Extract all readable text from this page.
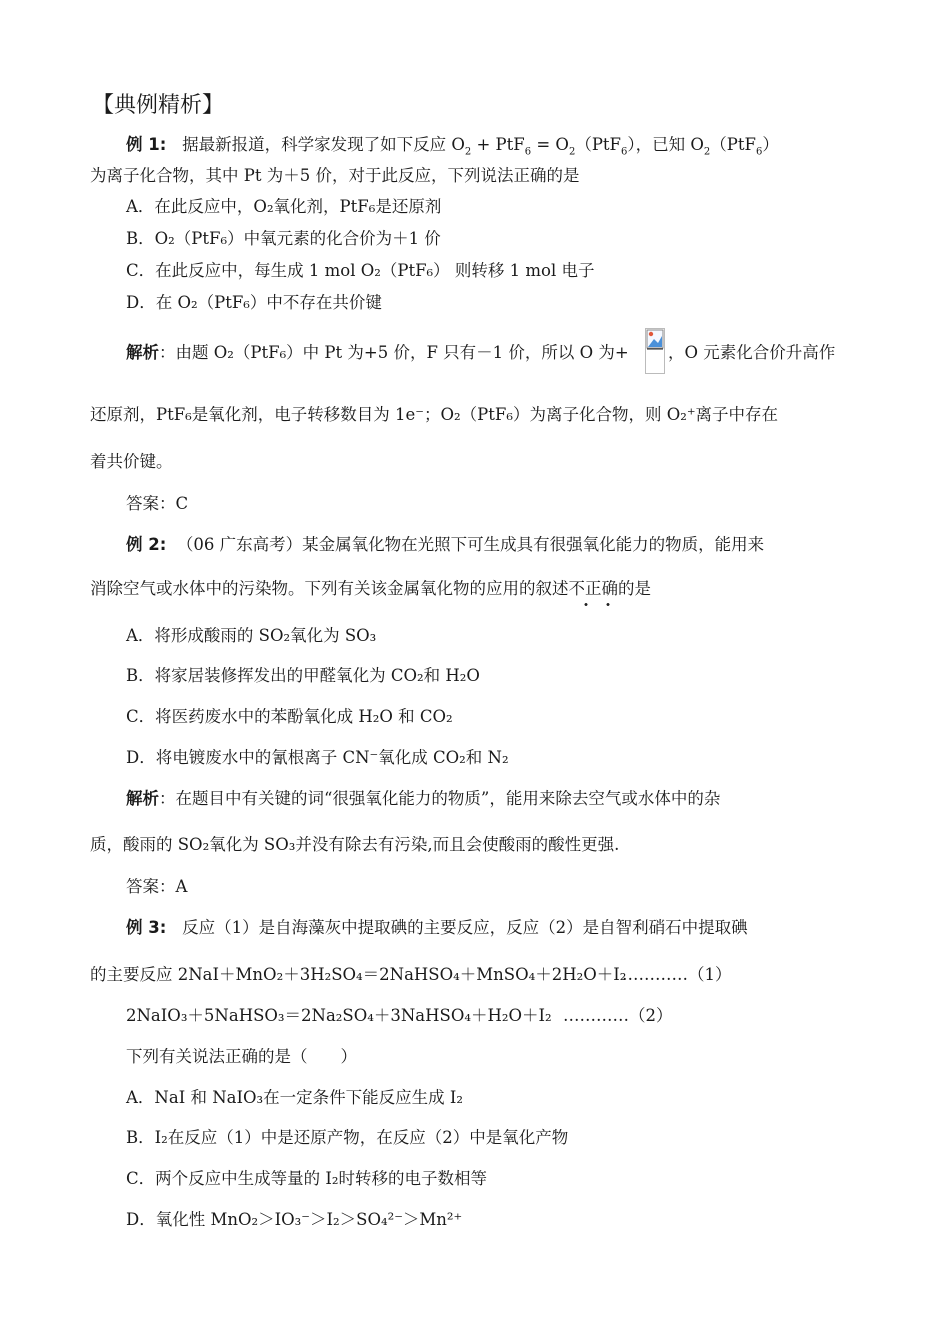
【典例精析】
例 1: 据最新报道，科学家发现了如下反应 $O_2 + PtF_6 = O_2(PtF_6)$，已知 $O_2(PtF_6)$
为离子化合物，其中 Pt 为＋5 价，对于此反应，下列说法正确的是
A．在此反应中，O₂氧化剂，PtF₆是还原剂
B．O₂（PtF₆）中氧元素的化合价为＋1 价
C．在此反应中，每生成 1 mol O₂（PtF₆） 则转移 1 mol 电子
D．在 O₂（PtF₆）中不存在共价键
解析：由题 O₂（PtF₆）中 Pt 为+5 价，F 只有－1 价，所以 O 为+ ，O 元素化合价升高作
还原剂，PtF₆是氧化剂，电子转移数目为 1e⁻；O₂（PtF₆）为离子化合物，则 O₂⁺离子中存在
着共价键。
答案：C
例 2: （06 广东高考）某金属氧化物在光照下可生成具有很强氧化能力的物质，能用来
消除空气或水体中的污染物。下列有关该金属氧化物的应用的叙述不正确的是
A．将形成酸雨的 SO₂氧化为 SO₃
B．将家居装修挥发出的甲醛氧化为 CO₂和 H₂O
C．将医药废水中的苯酚氧化成 H₂O 和 CO₂
D．将电镀废水中的氰根离子 CN⁻氧化成 CO₂和 N₂
解析：在题目中有关键的词“很强氧化能力的物质”，能用来除去空气或水体中的杂
质，酸雨的 SO₂氧化为 SO₃并没有除去有污染,而且会使酸雨的酸性更强.
答案：A
例 3:   反应（1）是自海藻灰中提取碘的主要反应，反应（2）是自智利硝石中提取碘
的主要反应 2NaI＋MnO₂＋3H₂SO₄＝2NaHSO₄＋MnSO₄＋2H₂O＋I₂
…………（1）
2NaIO₃＋5NaHSO₃＝2Na₂SO₄＋3NaHSO₄＋H₂O＋I₂ …………（2）
下列有关说法正确的是（　　）
A．NaI 和 NaIO₃在一定条件下能反应生成 I₂
B．I₂在反应（1）中是还原产物，在反应（2）中是氧化产物
C．两个反应中生成等量的 I₂时转移的电子数相等
D．氧化性 MnO₂＞IO₃⁻＞I₂＞SO₄²⁻＞Mn²⁺
